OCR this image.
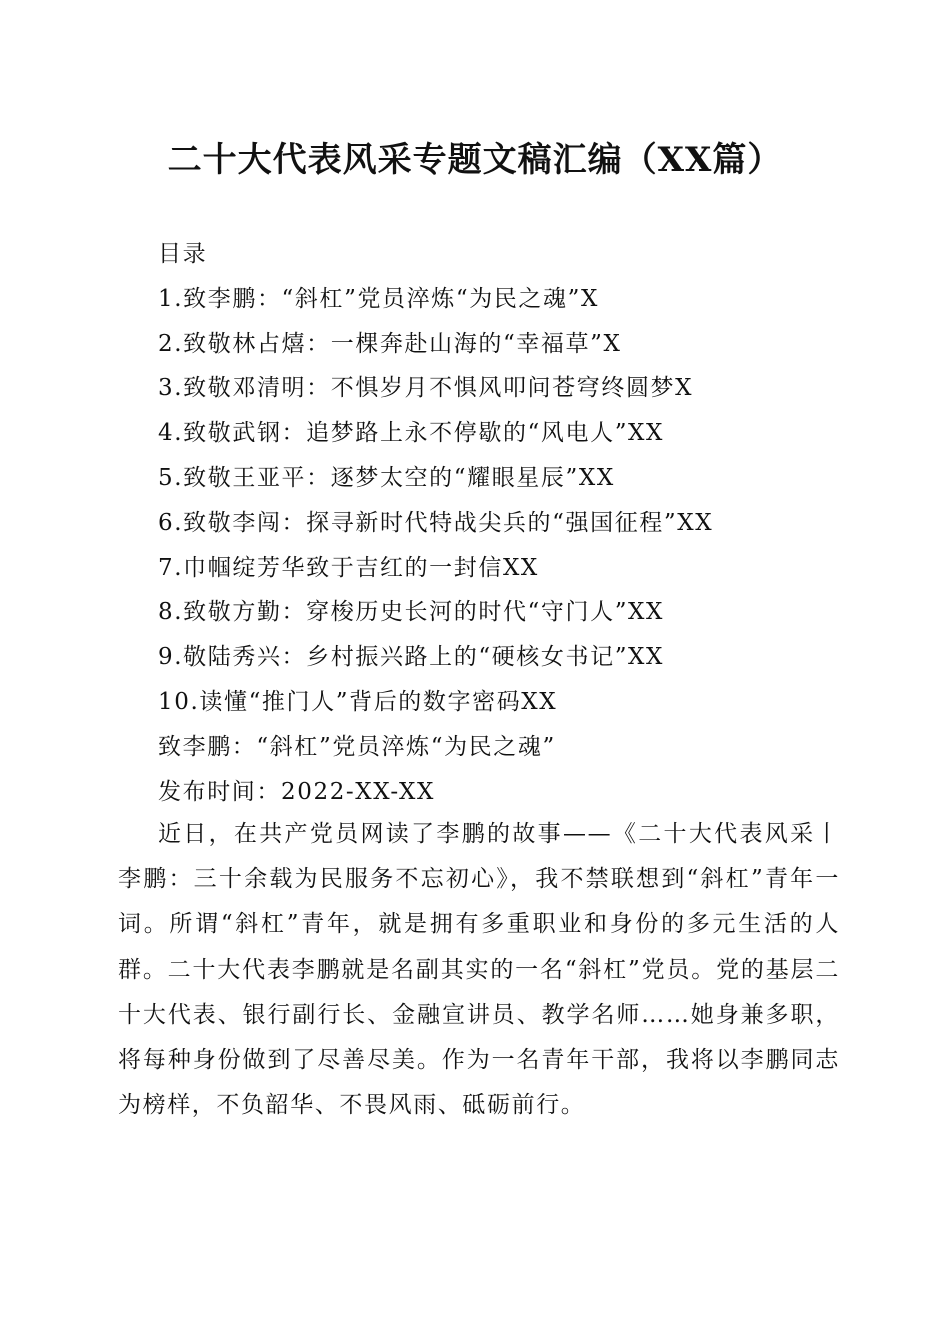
二十大代表风采专题文稿汇编（XX篇）
目录
1.致李鹏：“斜杠”党员淬炼“为民之魂”X
2.致敬林占熺：一棵奔赴山海的“幸福草”X
3.致敬邓清明：不惧岁月不惧风叩问苍穹终圆梦X
4.致敬武钢：追梦路上永不停歇的“风电人”XX
5.致敬王亚平：逐梦太空的“耀眼星辰”XX
6.致敬李闯：探寻新时代特战尖兵的“强国征程”XX
7.巾帼绽芳华致于吉红的一封信XX
8.致敬方勤：穿梭历史长河的时代“守门人”XX
9.敬陆秀兴：乡村振兴路上的“硬核女书记”XX
10.读懂“推门人”背后的数字密码XX
致李鹏：“斜杠”党员淬炼“为民之魂”
发布时间：2022-XX-XX
近日，在共产党员网读了李鹏的故事——《二十大代表风采丨李鹏：三十余载为民服务不忘初心》，我不禁联想到“斜杠”青年一词。所谓“斜杠”青年，就是拥有多重职业和身份的多元生活的人群。二十大代表李鹏就是名副其实的一名“斜杠”党员。党的基层二十大代表、银行副行长、金融宣讲员、教学名师……她身兼多职，将每种身份做到了尽善尽美。作为一名青年干部，我将以李鹏同志为榜样，不负韶华、不畏风雨、砥砺前行。
